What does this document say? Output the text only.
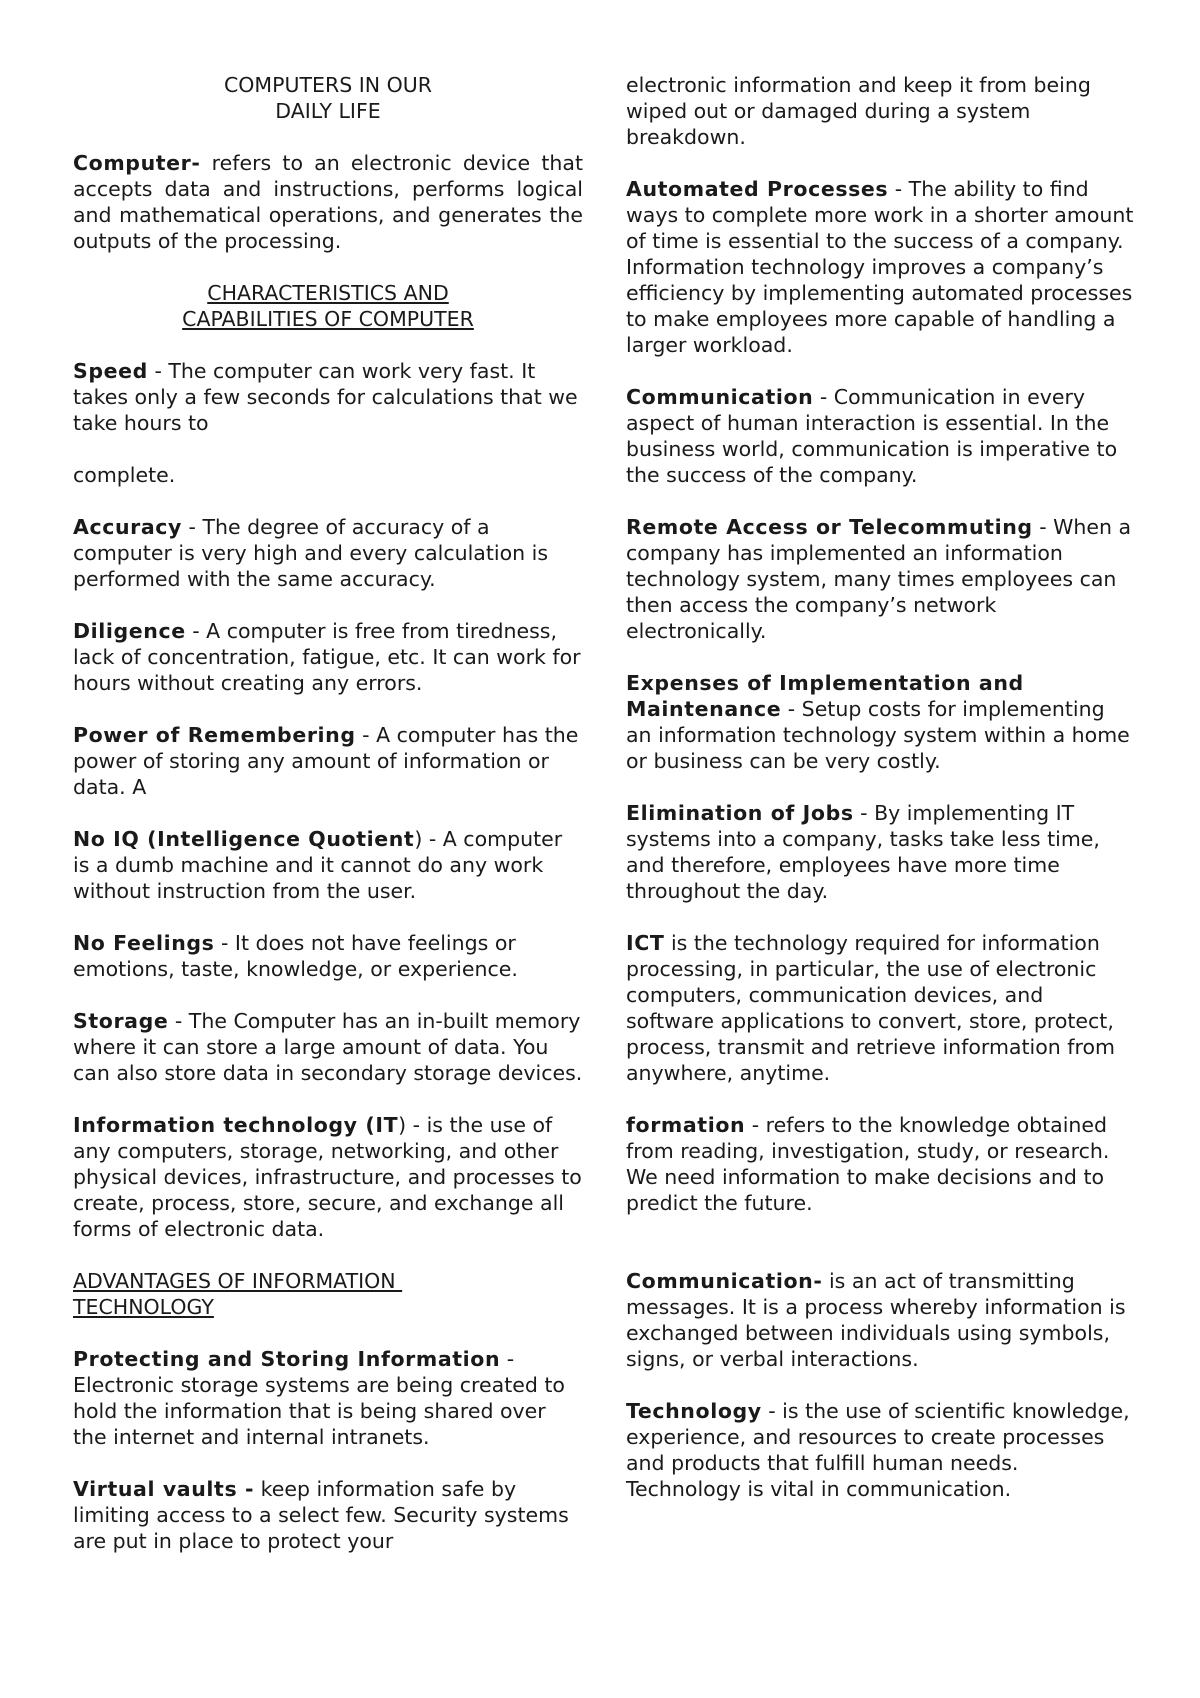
COMPUTERS IN OUR
DAILY LIFE

Computer- refers to an electronic device that accepts data and instructions, performs logical and mathematical operations, and generates the outputs of the processing.

CHARACTERISTICS AND
CAPABILITIES OF COMPUTER

Speed - The computer can work very fast. It takes only a few seconds for calculations that we take hours to

complete.

Accuracy - The degree of accuracy of a computer is very high and every calculation is performed with the same accuracy.

Diligence - A computer is free from tiredness, lack of concentration, fatigue, etc. It can work for hours without creating any errors.

Power of Remembering - A computer has the power of storing any amount of information or data. A

No IQ (Intelligence Quotient) - A computer is a dumb machine and it cannot do any work without instruction from the user.

No Feelings - It does not have feelings or emotions, taste, knowledge, or experience.

Storage - The Computer has an in-built memory where it can store a large amount of data. You can also store data in secondary storage devices.

Information technology (IT) - is the use of any computers, storage, networking, and other physical devices, infrastructure, and processes to create, process, store, secure, and exchange all forms of electronic data.

ADVANTAGES OF INFORMATION
TECHNOLOGY

Protecting and Storing Information - Electronic storage systems are being created to hold the information that is being shared over the internet and internal intranets.

Virtual vaults - keep information safe by limiting access to a select few. Security systems are put in place to protect your

electronic information and keep it from being wiped out or damaged during a system breakdown.

Automated Processes - The ability to find ways to complete more work in a shorter amount of time is essential to the success of a company. Information technology improves a company’s efficiency by implementing automated processes to make employees more capable of handling a larger workload.

Communication - Communication in every aspect of human interaction is essential. In the business world, communication is imperative to the success of the company.

Remote Access or Telecommuting - When a company has implemented an information technology system, many times employees can then access the company’s network electronically.

Expenses of Implementation and Maintenance - Setup costs for implementing an information technology system within a home or business can be very costly.

Elimination of Jobs - By implementing IT systems into a company, tasks take less time, and therefore, employees have more time throughout the day.

ICT is the technology required for information processing, in particular, the use of electronic computers, communication devices, and software applications to convert, store, protect, process, transmit and retrieve information from anywhere, anytime.

formation - refers to the knowledge obtained from reading, investigation, study, or research. We need information to make decisions and to predict the future.

Communication- is an act of transmitting messages. It is a process whereby information is exchanged between individuals using symbols, signs, or verbal interactions.

Technology - is the use of scientific knowledge, experience, and resources to create processes and products that fulfill human needs. Technology is vital in communication.
